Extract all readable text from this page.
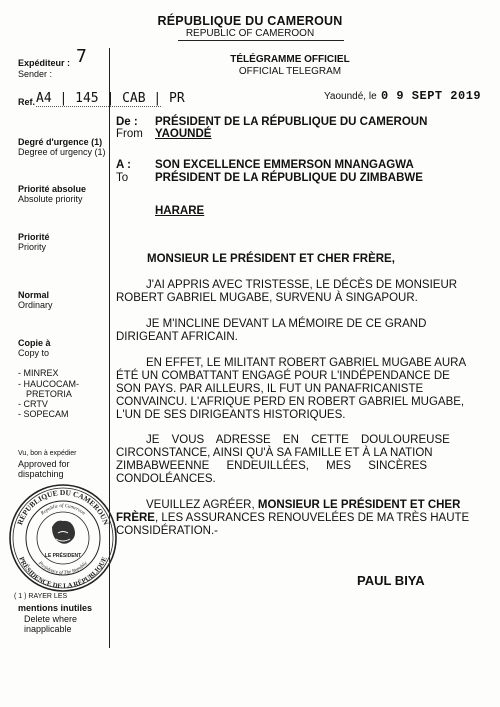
RÉPUBLIQUE DU CAMEROUN
REPUBLIC OF CAMEROON
Expéditeur :
Sender :
7
Ref. A4 | 145 | CAB | PR
Degré d'urgence (1)
Degree of urgency (1)
Priorité absolue
Absolute priority
Priorité
Priority
Normal
Ordinary
Copie à
Copy to
- MINREX
- HAUCOCAM-
PRETORIA
- CRTV
- SOPECAM
Vu, bon à expédier
Approved for
dispatching
RÉPUBLIQUE DU CAMEROUN
PRÉSIDENCE DE LA RÉPUBLIQUE
Republic of Cameroon
Presidency of The Republic
LE PRÉSIDENT
( 1 ) RAYER LES
mentions inutiles
Delete where
inapplicable
TÉLÉGRAMME OFFICIEL
OFFICIAL TELEGRAM
Yaoundé, le 0 9 SEPT 2019
De :
From
PRÉSIDENT DE LA RÉPUBLIQUE DU CAMEROUN
YAOUNDÉ
A :
To
SON EXCELLENCE EMMERSON MNANGAGWA
PRÉSIDENT DE LA RÉPUBLIQUE DU ZIMBABWE
HARARE
MONSIEUR LE PRÉSIDENT ET CHER FRÈRE,
J'AI APPRIS AVEC TRISTESSE, LE DÉCÈS DE MONSIEUR
ROBERT GABRIEL MUGABE, SURVENU À SINGAPOUR.
JE M'INCLINE DEVANT LA MÉMOIRE DE CE GRAND
DIRIGEANT AFRICAIN.
EN EFFET, LE MILITANT ROBERT GABRIEL MUGABE AURA
ÉTÉ UN COMBATTANT ENGAGÉ POUR L'INDÉPENDANCE DE
SON PAYS. PAR AILLEURS, IL FUT UN PANAFRICANISTE
CONVAINCU. L'AFRIQUE PERD EN ROBERT GABRIEL MUGABE,
L'UN DE SES DIRIGEANTS HISTORIQUES.
JE VOUS ADRESSE EN CETTE DOULOUREUSE
CIRCONSTANCE, AINSI QU'À SA FAMILLE ET À LA NATION
ZIMBABWEENNE ENDEUILLÉES, MES SINCÈRES
CONDOLÉANCES.
VEUILLEZ AGRÉER, MONSIEUR LE PRÉSIDENT ET CHER
FRÈRE, LES ASSURANCES RENOUVELÉES DE MA TRÈS HAUTE
CONSIDÉRATION.-
PAUL BIYA
